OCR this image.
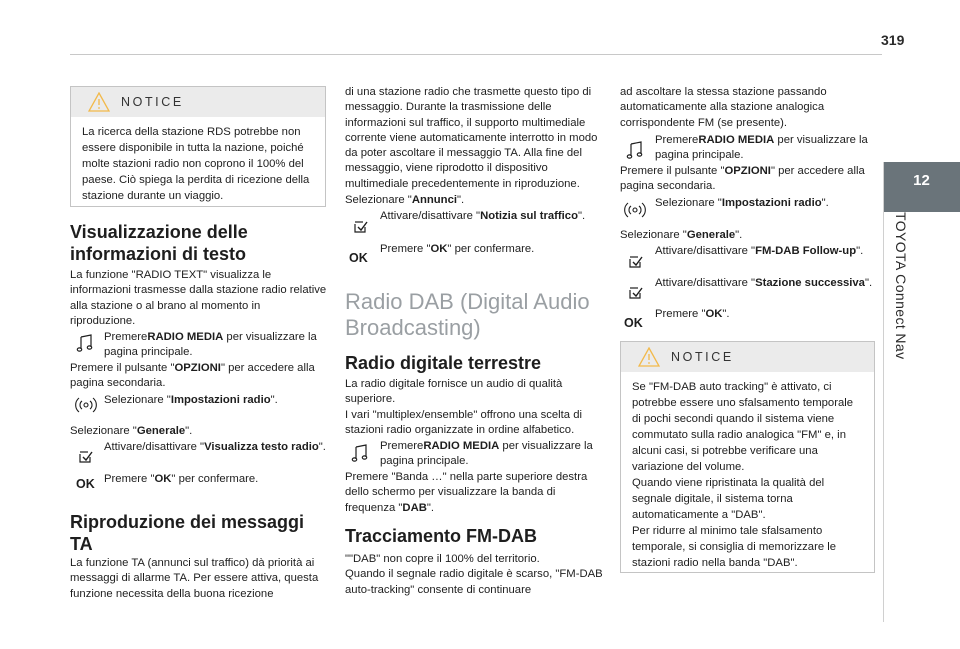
319
12
TOYOTA Connect Nav
NOTICE
La ricerca della stazione RDS potrebbe non essere disponibile in tutta la nazione, poiché molte stazioni radio non coprono il 100% del paese. Ciò spiega la perdita di ricezione della stazione durante un viaggio.
Visualizzazione delle informazioni di testo

La funzione "RADIO TEXT" visualizza le informazioni trasmesse dalla stazione radio relative alla stazione o al brano al momento in riproduzione.

PremereRADIO MEDIA per visualizzare la pagina principale.
Premere il pulsante "OPZIONI" per accedere alla pagina secondaria.
Selezionare "Impostazioni radio".
Selezionare "Generale".
Attivare/disattivare "Visualizza testo radio".
OK Premere "OK" per confermare.
Riproduzione dei messaggi TA

La funzione TA (annunci sul traffico) dà priorità ai messaggi di allarme TA. Per essere attiva, questa funzione necessita della buona ricezione

di una stazione radio che trasmette questo tipo di messaggio. Durante la trasmissione delle informazioni sul traffico, il supporto multimediale corrente viene automaticamente interrotto in modo da poter ascoltare il messaggio TA. Alla fine del messaggio, viene riprodotto il dispositivo multimediale precedentemente in riproduzione.

Selezionare "Annunci".
Attivare/disattivare "Notizia sul traffico".
OK
Premere "OK" per confermare.
Radio DAB (Digital Audio Broadcasting)
Radio digitale terrestre

La radio digitale fornisce un audio di qualità superiore.

I vari "multiplex/ensemble" offrono una scelta di stazioni radio organizzate in ordine alfabetico.

PremereRADIO MEDIA per visualizzare la pagina principale.
Premere "Banda …" nella parte superiore destra dello schermo per visualizzare la banda di frequenza "DAB".
Tracciamento FM-DAB

""DAB" non copre il 100% del territorio.

Quando il segnale radio digitale è scarso, "FM-DAB auto-tracking" consente di continuare

ad ascoltare la stessa stazione passando automaticamente alla stazione analogica corrispondente FM (se presente).

PremereRADIO MEDIA per visualizzare la pagina principale.
Premere il pulsante "OPZIONI" per accedere alla pagina secondaria.
Selezionare "Impostazioni radio".
Selezionare "Generale".
Attivare/disattivare "FM-DAB Follow-up".
Attivare/disattivare "Stazione successiva".
OK
Premere "OK".
NOTICE

Se "FM-DAB auto tracking" è attivato, ci potrebbe essere uno sfalsamento temporale di pochi secondi quando il sistema viene commutato sulla radio analogica "FM" e, in alcuni casi, si potrebbe verificare una variazione del volume.

Quando viene ripristinata la qualità del segnale digitale, il sistema torna automaticamente a "DAB".

Per ridurre al minimo tale sfalsamento temporale, si consiglia di memorizzare le stazioni radio nella banda "DAB".
